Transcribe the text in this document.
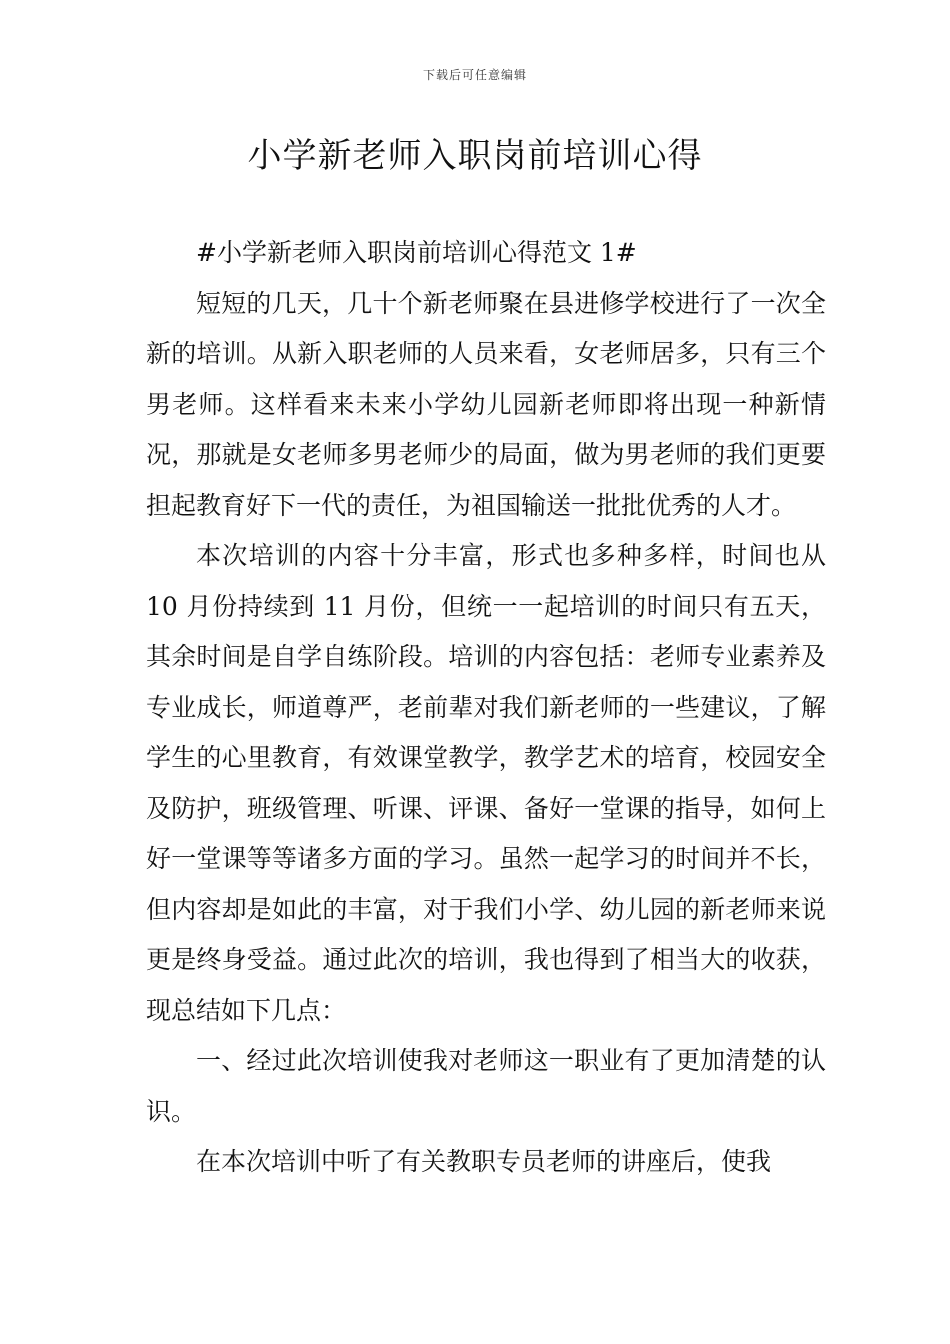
下载后可任意编辑
小学新老师入职岗前培训心得

#小学新老师入职岗前培训心得范文 1#

短短的几天，几十个新老师聚在县进修学校进行了一次全新的培训。从新入职老师的人员来看，女老师居多，只有三个男老师。这样看来未来小学幼儿园新老师即将出现一种新情况，那就是女老师多男老师少的局面，做为男老师的我们更要担起教育好下一代的责任，为祖国输送一批批优秀的人才。

本次培训的内容十分丰富，形式也多种多样，时间也从 10 月份持续到 11 月份，但统一一起培训的时间只有五天，其余时间是自学自练阶段。培训的内容包括：老师专业素养及专业成长，师道尊严，老前辈对我们新老师的一些建议，了解学生的心里教育，有效课堂教学，教学艺术的培育，校园安全及防护，班级管理、听课、评课、备好一堂课的指导，如何上好一堂课等等诸多方面的学习。虽然一起学习的时间并不长，但内容却是如此的丰富，对于我们小学、幼儿园的新老师来说更是终身受益。通过此次的培训，我也得到了相当大的收获，现总结如下几点：

一、经过此次培训使我对老师这一职业有了更加清楚的认识。

在本次培训中听了有关教职专员老师的讲座后，使我
